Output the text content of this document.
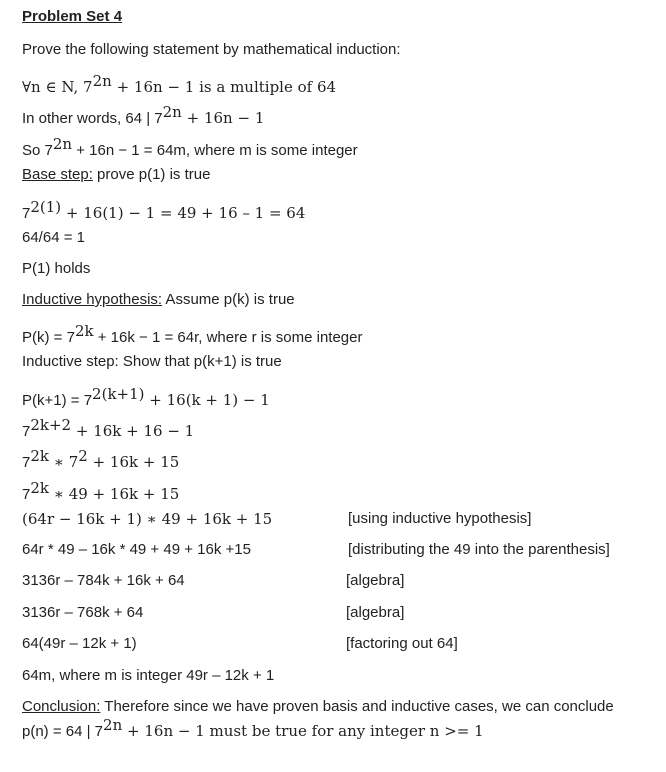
Problem Set 4
Prove the following statement by mathematical induction:
∀n ∈ N, $7^{2n} + 16n - 1$ is a multiple of 64
In other words, 64 | $7^{2n} + 16n - 1$
So $7^{2n} + 16n - 1 = 64m$, where m is some integer
Base step: prove p(1) is true
$7^{2(1)} + 16(1) - 1 = 49 + 16 - 1 = 64$
64/64 = 1
P(1) holds
Inductive hypothesis: Assume p(k) is true
$P(k) = 7^{2k} + 16k - 1 = 64r$, where r is some integer
Inductive step: Show that p(k+1) is true
$P(k+1) = 7^{2(k+1)} + 16(k + 1) - 1$
$7^{2k+2} + 16k + 16 - 1$
$7^{2k}$ ∗ $7^2 + 16k + 15$
$7^{2k}$ ∗ 49 + 16k + 15
(64r − 16k + 1) ∗ 49 + 16k + 15	[using inductive hypothesis]
64r * 49 – 16k * 49 + 49 + 16k +15	[distributing the 49 into the parenthesis]
3136r – 784k + 16k + 64	[algebra]
3136r – 768k + 64	[algebra]
64(49r – 12k + 1)	[factoring out 64]
64m, where m is integer 49r – 12k + 1
Conclusion: Therefore since we have proven basis and inductive cases, we can conclude
p(n) = 64 | $7^{2n} + 16n - 1$ must be true for any integer n >= 1
